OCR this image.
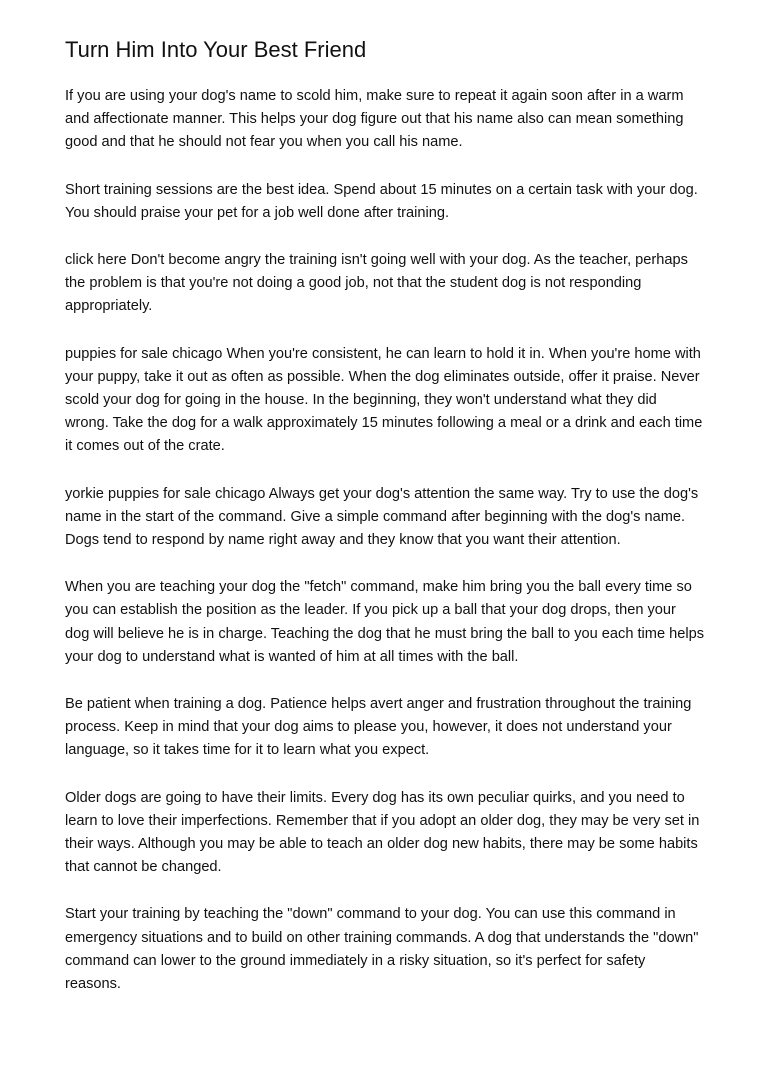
Turn Him Into Your Best Friend

If you are using your dog's name to scold him, make sure to repeat it again soon after in a warm and affectionate manner. This helps your dog figure out that his name also can mean something good and that he should not fear you when you call his name.

Short training sessions are the best idea. Spend about 15 minutes on a certain task with your dog. You should praise your pet for a job well done after training.

click here Don't become angry the training isn't going well with your dog. As the teacher, perhaps the problem is that you're not doing a good job, not that the student dog is not responding appropriately.

puppies for sale chicago When you're consistent, he can learn to hold it in. When you're home with your puppy, take it out as often as possible. When the dog eliminates outside, offer it praise. Never scold your dog for going in the house. In the beginning, they won't understand what they did wrong. Take the dog for a walk approximately 15 minutes following a meal or a drink and each time it comes out of the crate.

yorkie puppies for sale chicago Always get your dog's attention the same way. Try to use the dog's name in the start of the command. Give a simple command after beginning with the dog's name. Dogs tend to respond by name right away and they know that you want their attention.

When you are teaching your dog the "fetch" command, make him bring you the ball every time so you can establish the position as the leader. If you pick up a ball that your dog drops, then your dog will believe he is in charge. Teaching the dog that he must bring the ball to you each time helps your dog to understand what is wanted of him at all times with the ball.

Be patient when training a dog. Patience helps avert anger and frustration throughout the training process. Keep in mind that your dog aims to please you, however, it does not understand your language, so it takes time for it to learn what you expect.

Older dogs are going to have their limits. Every dog has its own peculiar quirks, and you need to learn to love their imperfections. Remember that if you adopt an older dog, they may be very set in their ways. Although you may be able to teach an older dog new habits, there may be some habits that cannot be changed.

Start your training by teaching the "down" command to your dog. You can use this command in emergency situations and to build on other training commands. A dog that understands the "down" command can lower to the ground immediately in a risky situation, so it's perfect for safety reasons.
